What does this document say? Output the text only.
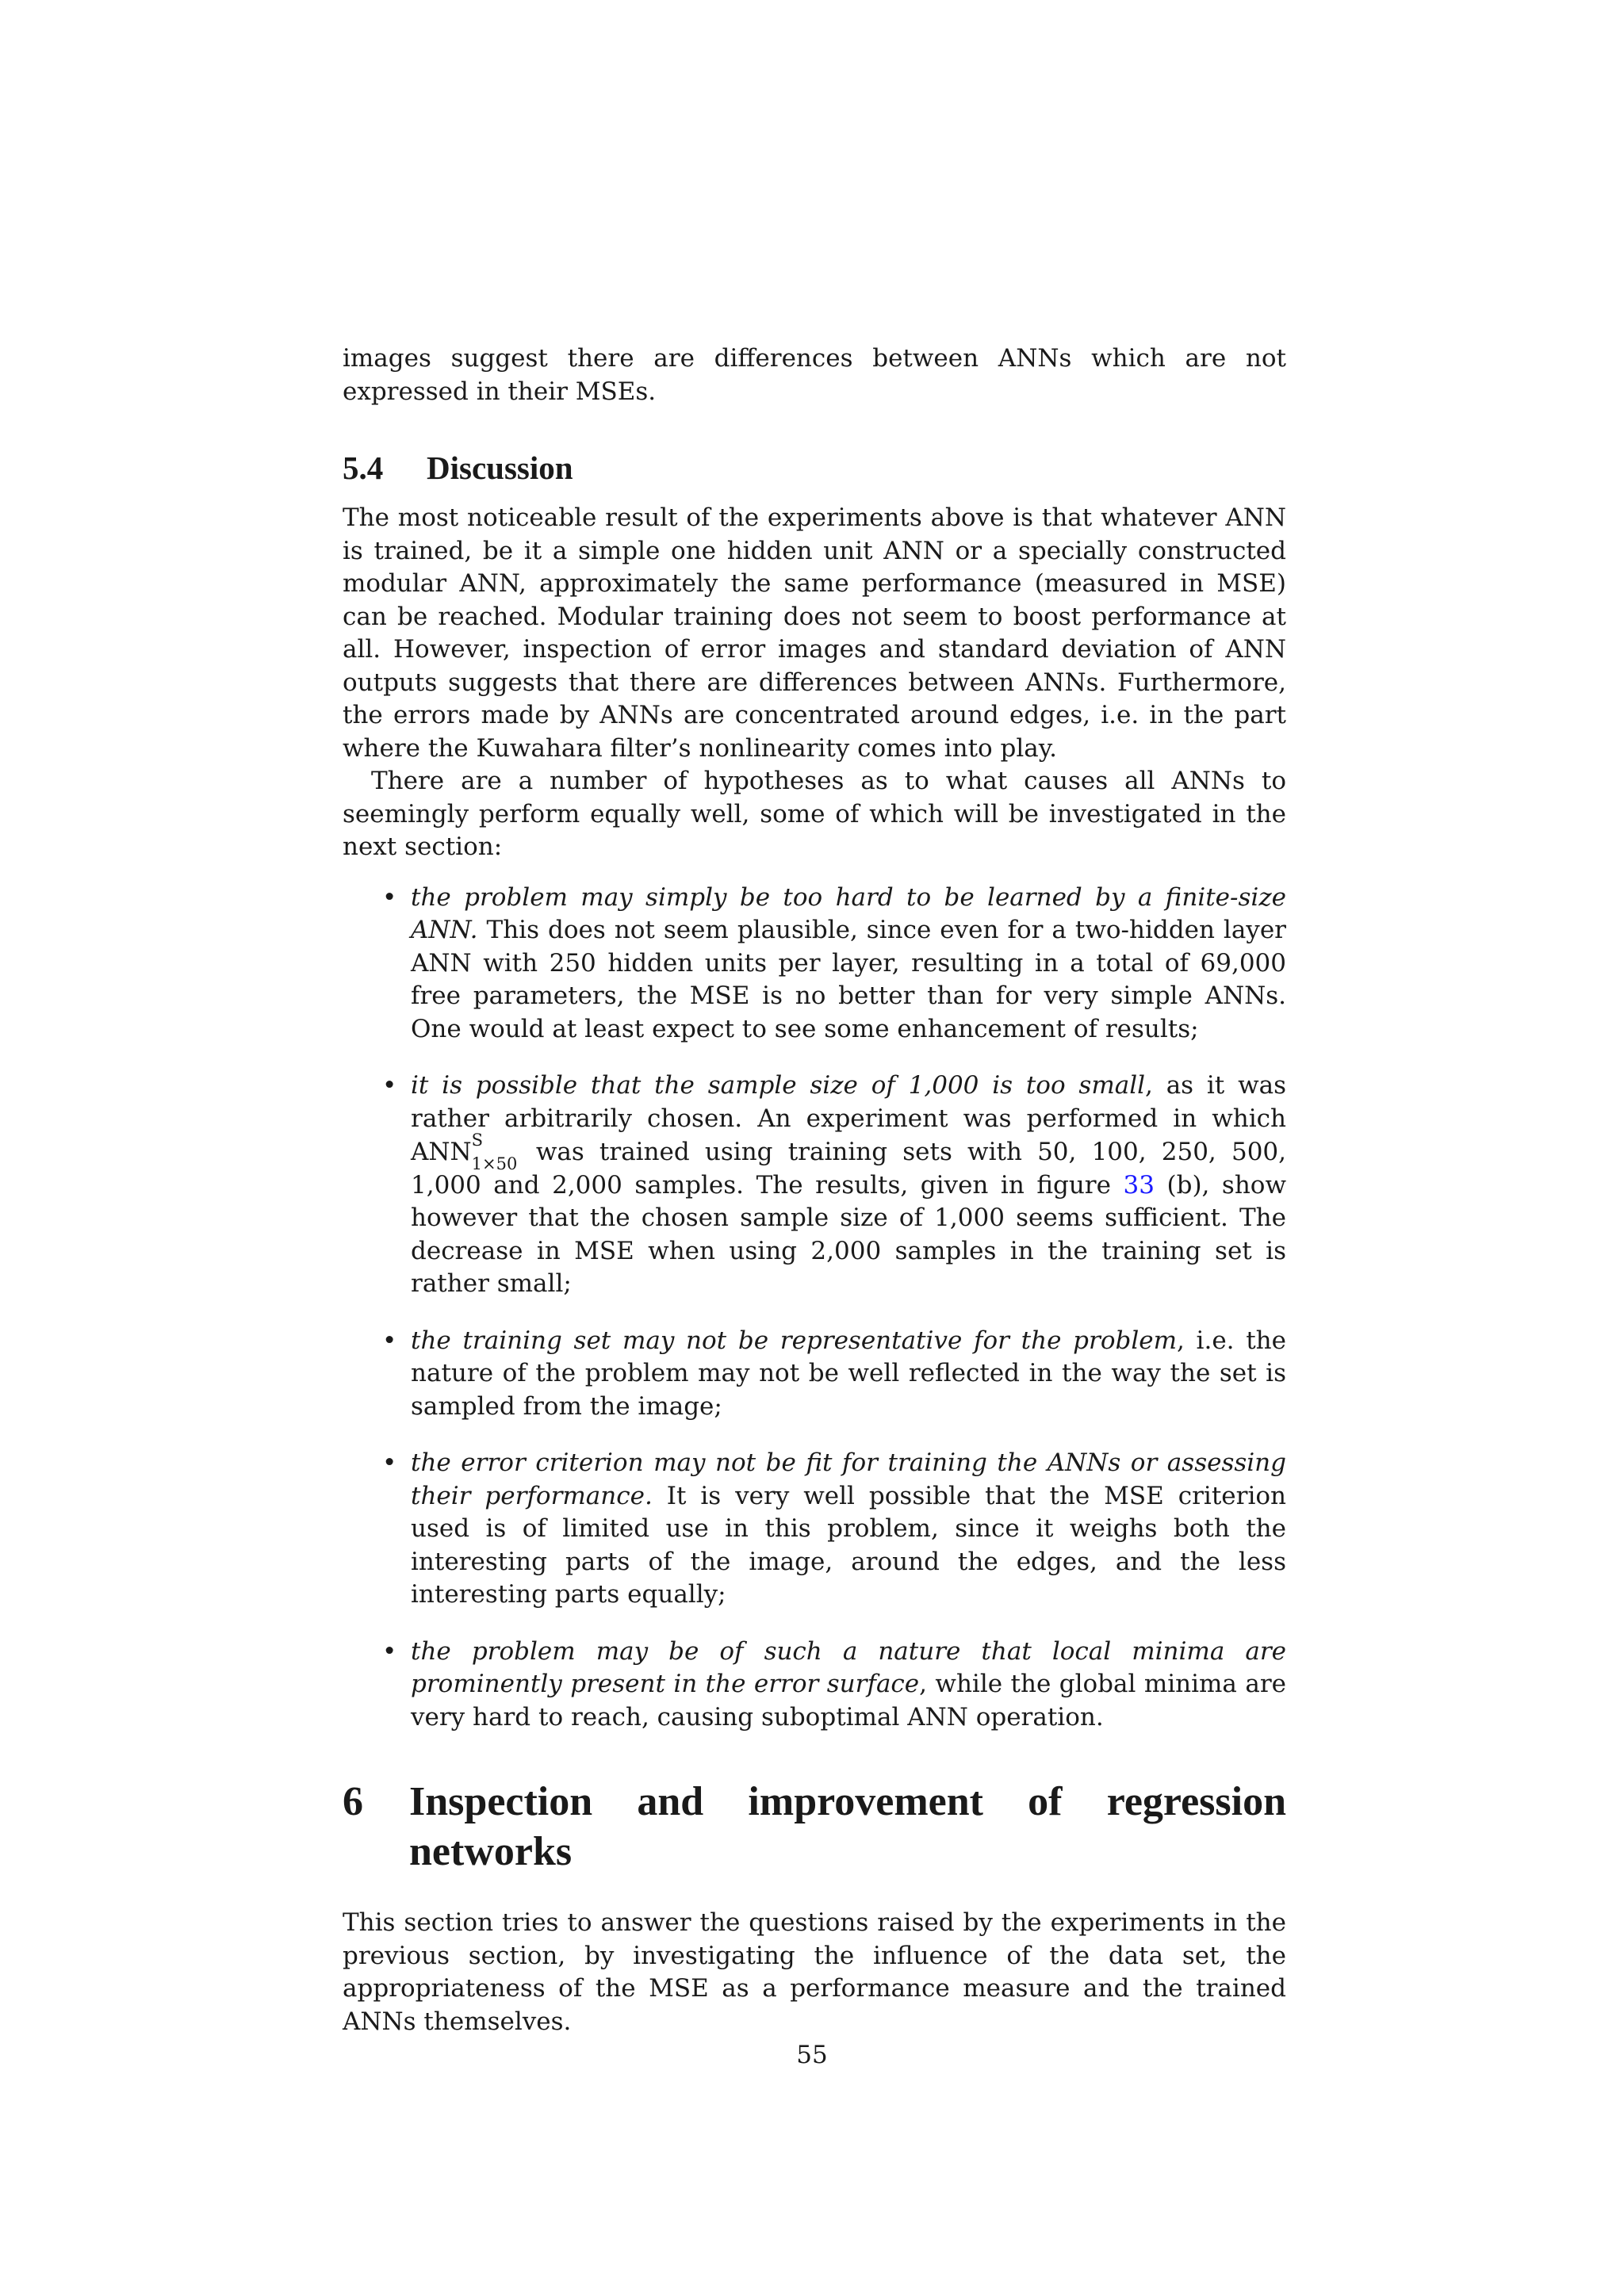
images suggest there are differences between ANNs which are not expressed in their MSEs.

5.4 Discussion

The most noticeable result of the experiments above is that whatever ANN is trained, be it a simple one hidden unit ANN or a specially constructed modular ANN, approximately the same performance (measured in MSE) can be reached. Modular training does not seem to boost performance at all. However, inspection of error images and standard deviation of ANN outputs suggests that there are differences between ANNs. Furthermore, the errors made by ANNs are concentrated around edges, i.e. in the part where the Kuwahara filter’s nonlinearity comes into play.

There are a number of hypotheses as to what causes all ANNs to seemingly perform equally well, some of which will be investigated in the next section:

• the problem may simply be too hard to be learned by a finite-size ANN. This does not seem plausible, since even for a two-hidden layer ANN with 250 hidden units per layer, resulting in a total of 69,000 free parameters, the MSE is no better than for very simple ANNs. One would at least expect to see some enhancement of results;
• it is possible that the sample size of 1,000 is too small, as it was rather arbitrarily chosen. An experiment was performed in which ANN S
1×50 was trained using training sets with 50, 100, 250, 500, 1,000 and 2,000 samples. The results, given in figure 33 (b), show however that the chosen sample size of 1,000 seems sufficient. The decrease in MSE when using 2,000 samples in the training set is rather small;
• the training set may not be representative for the problem, i.e. the nature of the problem may not be well reflected in the way the set is sampled from the image;
• the error criterion may not be fit for training the ANNs or assessing their performance. It is very well possible that the MSE criterion used is of limited use in this problem, since it weighs both the interesting parts of the image, around the edges, and the less interesting parts equally;
• the problem may be of such a nature that local minima are prominently present in the error surface, while the global minima are very hard to reach, causing suboptimal ANN operation.
6	Inspection and improvement of regression networks

This section tries to answer the questions raised by the experiments in the previous section, by investigating the influence of the data set, the appropriateness of the MSE as a performance measure and the trained ANNs themselves.

55
